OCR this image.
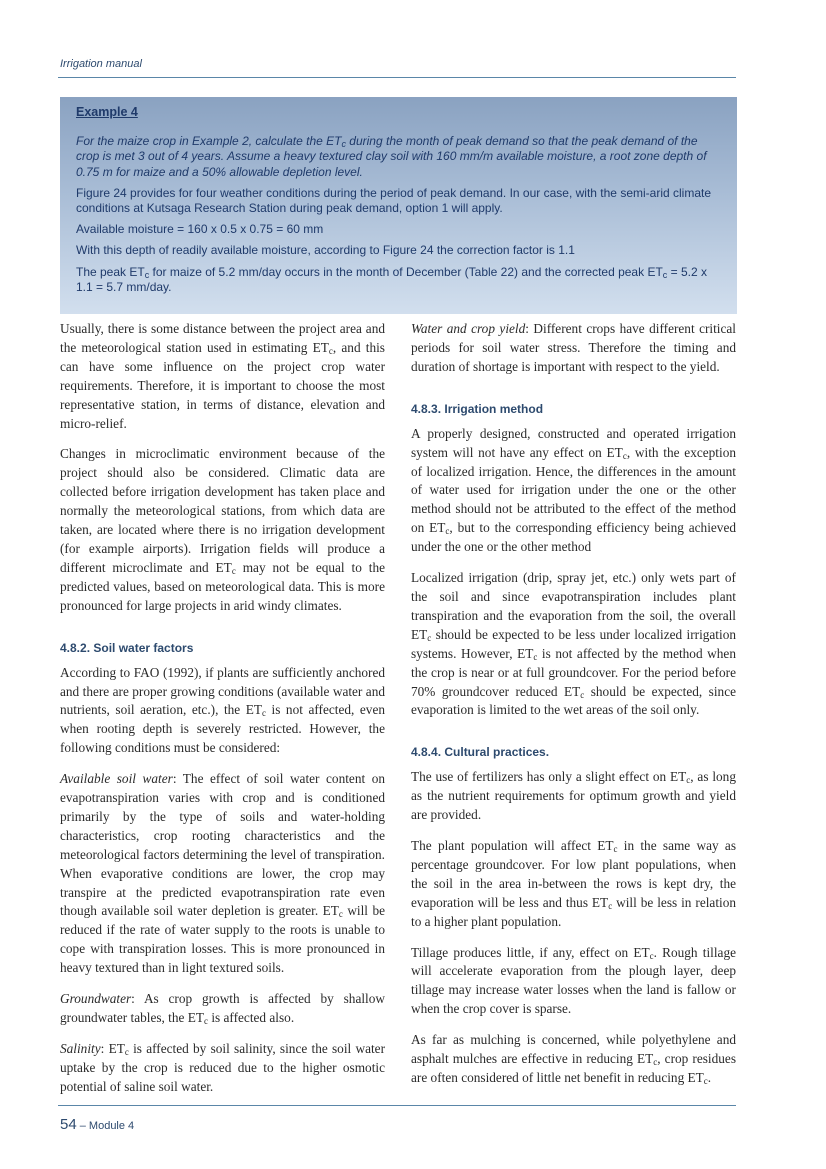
Irrigation manual
Example 4

For the maize crop in Example 2, calculate the $ET_c$ during the month of peak demand so that the peak demand of the crop is met 3 out of 4 years. Assume a heavy textured clay soil with 160 mm/m available moisture, a root zone depth of 0.75 m for maize and a 50% allowable depletion level.

Figure 24 provides for four weather conditions during the period of peak demand. In our case, with the semi-arid climate conditions at Kutsaga Research Station during peak demand, option 1 will apply.

Available moisture = 160 x 0.5 x 0.75 = 60 mm

With this depth of readily available moisture, according to Figure 24 the correction factor is 1.1

The peak $ET_c$ for maize of 5.2 mm/day occurs in the month of December (Table 22) and the corrected peak $ET_c = 5.2$ x 1.1 = 5.7 mm/day.

Usually, there is some distance between the project area and the meteorological station used in estimating $ET_c$, and this can have some influence on the project crop water requirements. Therefore, it is important to choose the most representative station, in terms of distance, elevation and micro-relief.

Changes in microclimatic environment because of the project should also be considered. Climatic data are collected before irrigation development has taken place and normally the meteorological stations, from which data are taken, are located where there is no irrigation development (for example airports). Irrigation fields will produce a different microclimate and $ET_c$ may not be equal to the predicted values, based on meteorological data. This is more pronounced for large projects in arid windy climates.

4.8.2. Soil water factors

According to FAO (1992), if plants are sufficiently anchored and there are proper growing conditions (available water and nutrients, soil aeration, etc.), the $ET_c$ is not affected, even when rooting depth is severely restricted. However, the following conditions must be considered:

Available soil water: The effect of soil water content on evapotranspiration varies with crop and is conditioned primarily by the type of soils and water-holding characteristics, crop rooting characteristics and the meteorological factors determining the level of transpiration. When evaporative conditions are lower, the crop may transpire at the predicted evapotranspiration rate even though available soil water depletion is greater. $ET_c$ will be reduced if the rate of water supply to the roots is unable to cope with transpiration losses. This is more pronounced in heavy textured than in light textured soils.

Groundwater: As crop growth is affected by shallow groundwater tables, the $ET_c$ is affected also.

Salinity: $ET_c$ is affected by soil salinity, since the soil water uptake by the crop is reduced due to the higher osmotic potential of saline soil water.

Water and crop yield: Different crops have different critical periods for soil water stress. Therefore the timing and duration of shortage is important with respect to the yield.

4.8.3. Irrigation method

A properly designed, constructed and operated irrigation system will not have any effect on $ET_c$, with the exception of localized irrigation. Hence, the differences in the amount of water used for irrigation under the one or the other method should not be attributed to the effect of the method on $ET_c$, but to the corresponding efficiency being achieved under the one or the other method

Localized irrigation (drip, spray jet, etc.) only wets part of the soil and since evapotranspiration includes plant transpiration and the evaporation from the soil, the overall $ET_c$ should be expected to be less under localized irrigation systems. However, $ET_c$ is not affected by the method when the crop is near or at full groundcover. For the period before 70% groundcover reduced $ET_c$ should be expected, since evaporation is limited to the wet areas of the soil only.

4.8.4. Cultural practices.

The use of fertilizers has only a slight effect on $ET_c$, as long as the nutrient requirements for optimum growth and yield are provided.

The plant population will affect $ET_c$ in the same way as percentage groundcover. For low plant populations, when the soil in the area in-between the rows is kept dry, the evaporation will be less and thus $ET_c$ will be less in relation to a higher plant population.

Tillage produces little, if any, effect on $ET_c$. Rough tillage will accelerate evaporation from the plough layer, deep tillage may increase water losses when the land is fallow or when the crop cover is sparse.

As far as mulching is concerned, while polyethylene and asphalt mulches are effective in reducing $ET_c$, crop residues are often considered of little net benefit in reducing $ET_c$.

54 – Module 4
